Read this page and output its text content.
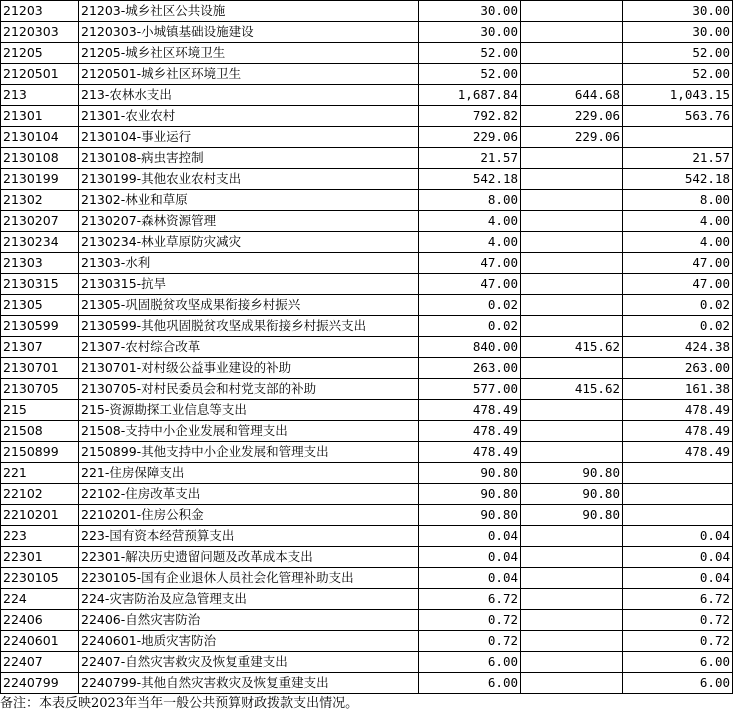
21203	21203-城乡社区公共设施	30.00		30.00
2120303	2120303-小城镇基础设施建设	30.00		30.00
21205	21205-城乡社区环境卫生	52.00		52.00
2120501	2120501-城乡社区环境卫生	52.00		52.00
213	213-农林水支出	1,687.84	644.68	1,043.15
21301	21301-农业农村	792.82	229.06	563.76
2130104	2130104-事业运行	229.06	229.06	
2130108	2130108-病虫害控制	21.57		21.57
2130199	2130199-其他农业农村支出	542.18		542.18
21302	21302-林业和草原	8.00		8.00
2130207	2130207-森林资源管理	4.00		4.00
2130234	2130234-林业草原防灾减灾	4.00		4.00
21303	21303-水利	47.00		47.00
2130315	2130315-抗旱	47.00		47.00
21305	21305-巩固脱贫攻坚成果衔接乡村振兴	0.02		0.02
2130599	2130599-其他巩固脱贫攻坚成果衔接乡村振兴支出	0.02		0.02
21307	21307-农村综合改革	840.00	415.62	424.38
2130701	2130701-对村级公益事业建设的补助	263.00		263.00
2130705	2130705-对村民委员会和村党支部的补助	577.00	415.62	161.38
215	215-资源勘探工业信息等支出	478.49		478.49
21508	21508-支持中小企业发展和管理支出	478.49		478.49
2150899	2150899-其他支持中小企业发展和管理支出	478.49		478.49
221	221-住房保障支出	90.80	90.80	
22102	22102-住房改革支出	90.80	90.80	
2210201	2210201-住房公积金	90.80	90.80	
223	223-国有资本经营预算支出	0.04		0.04
22301	22301-解决历史遗留问题及改革成本支出	0.04		0.04
2230105	2230105-国有企业退休人员社会化管理补助支出	0.04		0.04
224	224-灾害防治及应急管理支出	6.72		6.72
22406	22406-自然灾害防治	0.72		0.72
2240601	2240601-地质灾害防治	0.72		0.72
22407	22407-自然灾害救灾及恢复重建支出	6.00		6.00
2240799	2240799-其他自然灾害救灾及恢复重建支出	6.00		6.00
备注：本表反映2023年当年一般公共预算财政拨款支出情况。
